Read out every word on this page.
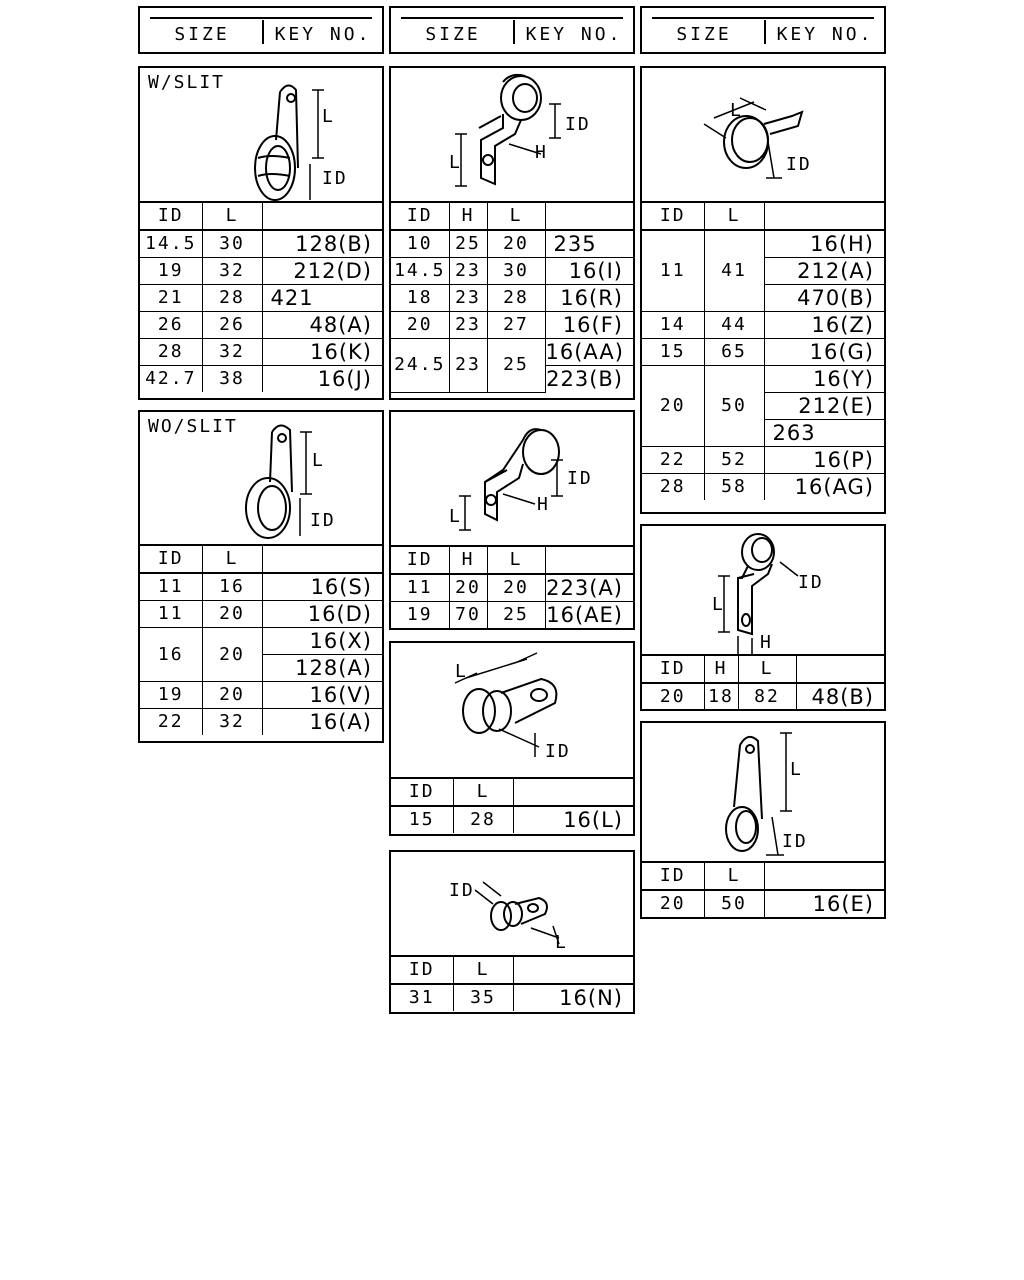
SIZE	KEY NO.	SIZE	KEY NO.	SIZE	KEY NO.
W/SLIT
L
ID
ID	L	
14.5	30	128(B)
19	32	212(D)
21	28	421
26	26	48(A)
28	32	16(K)
42.7	38	16(J)
WO/SLIT
L
ID
ID	L	
11	16	16(S)
11	20	16(D)
16	20	16(X)
		128(A)
19	20	16(V)
22	32	16(A)
L	H
ID
ID	H	L	
10	25	20	235
14.5	23	30	16(I)
18	23	28	16(R)
20	23	27	16(F)
24.5	23	25	16(AA)
			223(B)
L
H
ID
ID	H	L	
11	20	20	223(A)
19	70	25	16(AE)
L
ID
ID	L	
15	28	16(L)
ID
L
ID	L	
31	35	16(N)
L
ID
ID	L	
11	41	16(H)
		212(A)
		470(B)
14	44	16(Z)
15	65	16(G)
20	50	16(Y)
		212(E)
		263
22	52	16(P)
28	58	16(AG)
L
H
ID
ID	H	L	
20	18	82	48(B)
L
ID
ID	L	
20	50	16(E)
